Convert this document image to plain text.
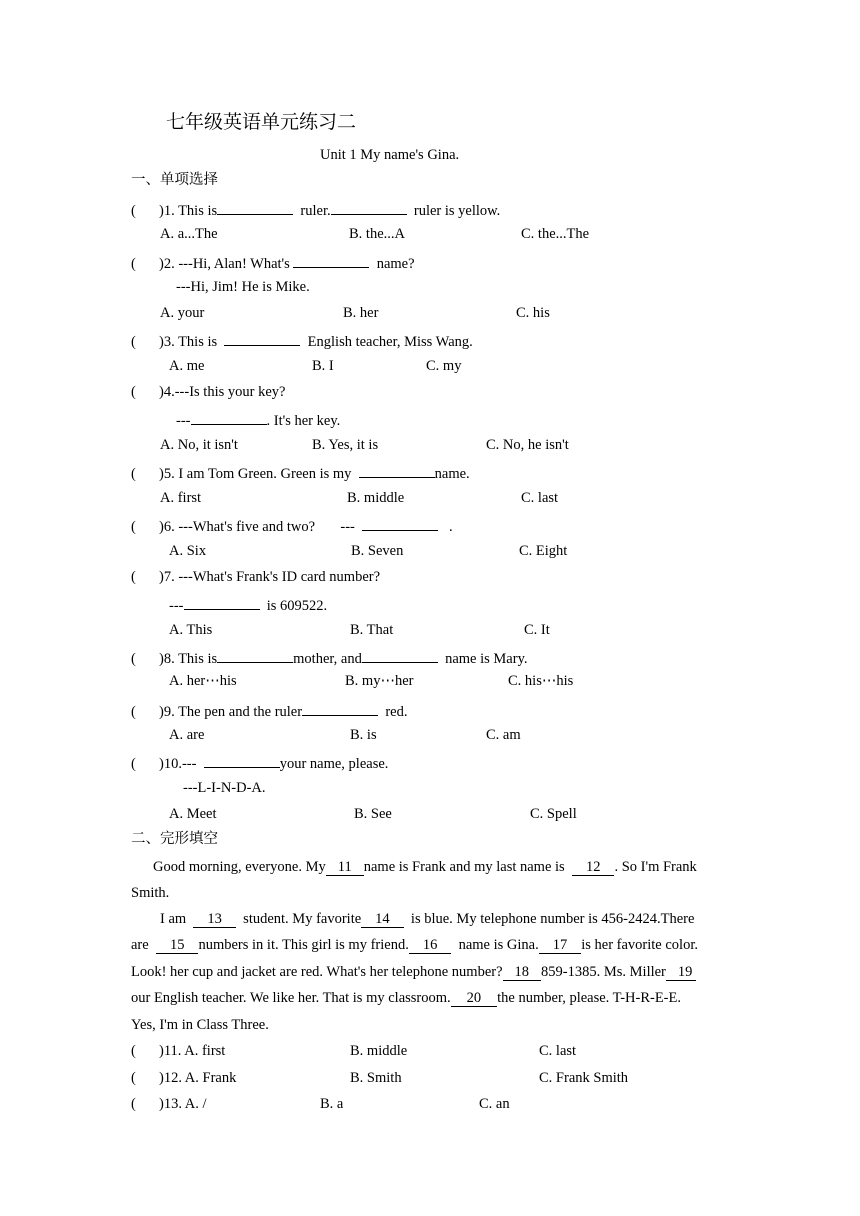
七年级英语单元练习二
Unit 1 My name's Gina.
一、单项选择
( )1. This is	ruler.	ruler is yellow.
A. a...The	B. the...A	C. the...The
( )2. ---Hi, Alan! What's	name?
---Hi, Jim! He is Mike.
A. your	B. her	C. his
( )3. This is	English teacher, Miss Wang.
A. me	B. I	C. my
( )4.---Is this your key?
---	. It's her key.
A. No, it isn't	B. Yes, it is	C. No, he isn't
( )5. I am Tom Green. Green is my	name.
A. first	B. middle	C. last
( )6. ---What's five and two? ---	.
A. Six	B. Seven	C. Eight
( )7. ---What's Frank's ID card number?
---	is 609522.
A. This	B. That	C. It
( )8. This is	mother, and	name is Mary.
A. her⋯his	B. my⋯her	C. his⋯his
( )9. The pen and the ruler	red.
A. are	B. is	C. am
( )10.---	your name, please.
---L-I-N-D-A.
A. Meet	B. See	C. Spell
二、完形填空
Good morning, everyone. My 11 name is Frank and my last name is 12 . So I'm Frank
Smith.
I am 13 student. My favorite 14 is blue. My telephone number is 456-2424.There
are 15 numbers in it. This girl is my friend. 16 name is Gina. 17 is her favorite color.
Look! her cup and jacket are red. What's her telephone number? 18 859-1385. Ms. Miller 19
our English teacher. We like her. That is my classroom. 20 the number, please. T-H-R-E-E.
Yes, I'm in Class Three.
( )11. A. first	B. middle	C. last
( )12. A. Frank	B. Smith	C. Frank Smith
( )13. A. /	B. a	C. an
